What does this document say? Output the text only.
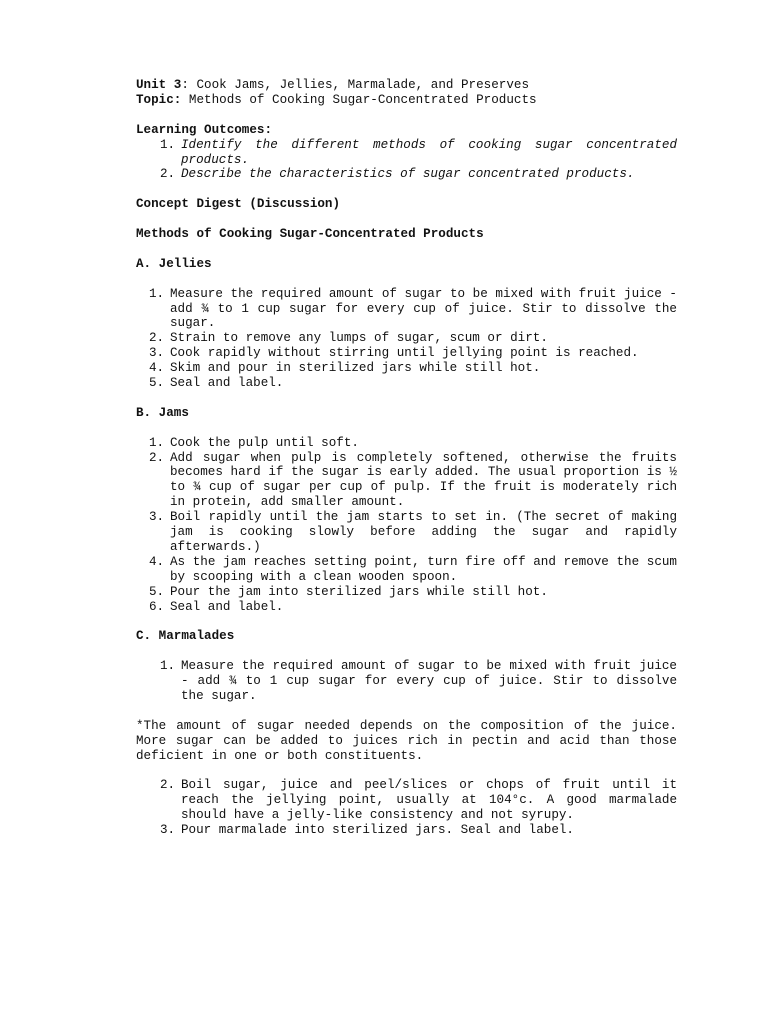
Unit 3: Cook Jams, Jellies, Marmalade, and Preserves

Topic: Methods of Cooking Sugar-Concentrated Products

Learning Outcomes:

1. Identify the different methods of cooking sugar concentrated products.
2. Describe the characteristics of sugar concentrated products.

Concept Digest (Discussion)

Methods of Cooking Sugar-Concentrated Products

A. Jellies

1. Measure the required amount of sugar to be mixed with fruit juice - add ¾ to 1 cup sugar for every cup of juice. Stir to dissolve the sugar.
2. Strain to remove any lumps of sugar, scum or dirt.
3. Cook rapidly without stirring until jellying point is reached.
4. Skim and pour in sterilized jars while still hot.
5. Seal and label.

B. Jams

1. Cook the pulp until soft.
2. Add sugar when pulp is completely softened, otherwise the fruits becomes hard if the sugar is early added. The usual proportion is ½ to ¾ cup of sugar per cup of pulp. If the fruit is moderately rich in protein, add smaller amount.
3. Boil rapidly until the jam starts to set in. (The secret of making jam is cooking slowly before adding the sugar and rapidly afterwards.)
4. As the jam reaches setting point, turn fire off and remove the scum by scooping with a clean wooden spoon.
5. Pour the jam into sterilized jars while still hot.
6. Seal and label.

C. Marmalades

1. Measure the required amount of sugar to be mixed with fruit juice - add ¾ to 1 cup sugar for every cup of juice. Stir to dissolve the sugar.

*The amount of sugar needed depends on the composition of the juice. More sugar can be added to juices rich in pectin and acid than those deficient in one or both constituents.

2. Boil sugar, juice and peel/slices or chops of fruit until it reach the jellying point, usually at 104°c. A good marmalade should have a jelly-like consistency and not syrupy.
3. Pour marmalade into sterilized jars. Seal and label.
